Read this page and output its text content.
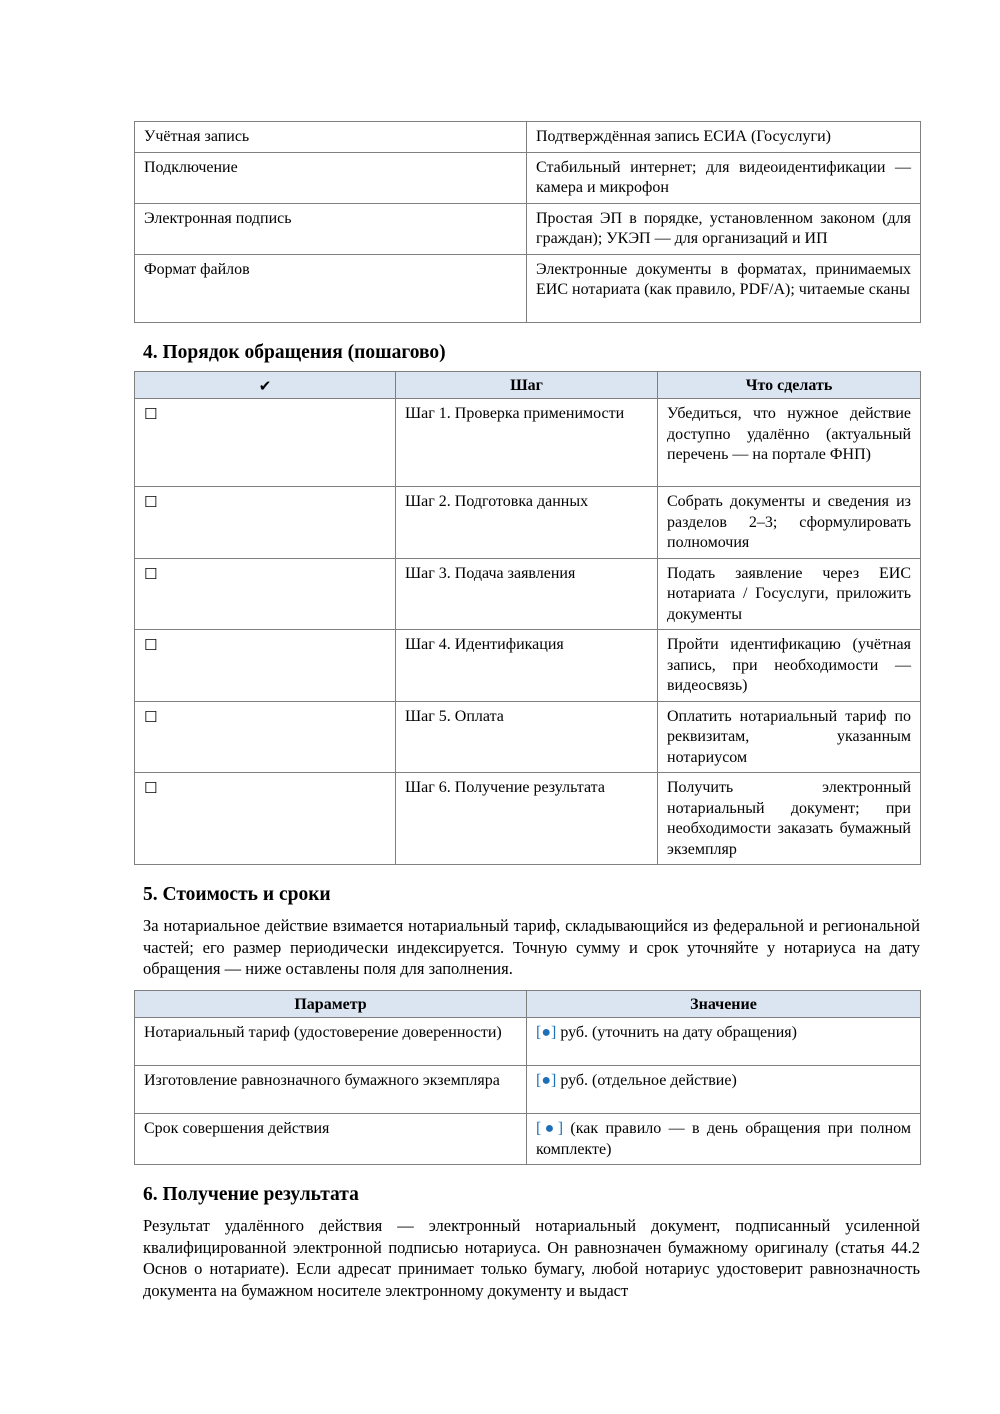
Учётная запись	Подтверждённая запись ЕСИА (Госуслуги)
Подключение	Стабильный интернет; для видеоидентификации — камера и микрофон
Электронная подпись	Простая ЭП в порядке, установленном законом (для граждан); УКЭП — для организаций и ИП
Формат файлов	Электронные документы в форматах, принимаемых ЕИС нотариата (как правило, PDF/A); читаемые сканы
4. Порядок обращения (пошагово)
✔	Шаг	Что сделать
☐	Шаг 1. Проверка применимости	Убедиться, что нужное действие доступно удалённо (актуальный перечень — на портале ФНП)
☐	Шаг 2. Подготовка данных	Собрать документы и сведения из разделов 2–3; сформулировать полномочия
☐	Шаг 3. Подача заявления	Подать заявление через ЕИС нотариата / Госуслуги, приложить документы
☐	Шаг 4. Идентификация	Пройти идентификацию (учётная запись, при необходимости — видеосвязь)
☐	Шаг 5. Оплата	Оплатить нотариальный тариф по реквизитам, указанным нотариусом
☐	Шаг 6. Получение результата	Получить электронный нотариальный документ; при необходимости заказать бумажный экземпляр
5. Стоимость и сроки

За нотариальное действие взимается нотариальный тариф, складывающийся из федеральной и региональной частей; его размер периодически индексируется. Точную сумму и срок уточняйте у нотариуса на дату обращения — ниже оставлены поля для заполнения.

Параметр	Значение
Нотариальный тариф (удостоверение доверенности)	[●] руб. (уточнить на дату обращения)
Изготовление равнозначного бумажного экземпляра	[●] руб. (отдельное действие)
Срок совершения действия	[●] (как правило — в день обращения при полном комплекте)
6. Получение результата

Результат удалённого действия — электронный нотариальный документ, подписанный усиленной квалифицированной электронной подписью нотариуса. Он равнозначен бумажному оригиналу (статья 44.2 Основ о нотариате). Если адресат принимает только бумагу, любой нотариус удостоверит равнозначность документа на бумажном носителе электронному документу и выдаст
